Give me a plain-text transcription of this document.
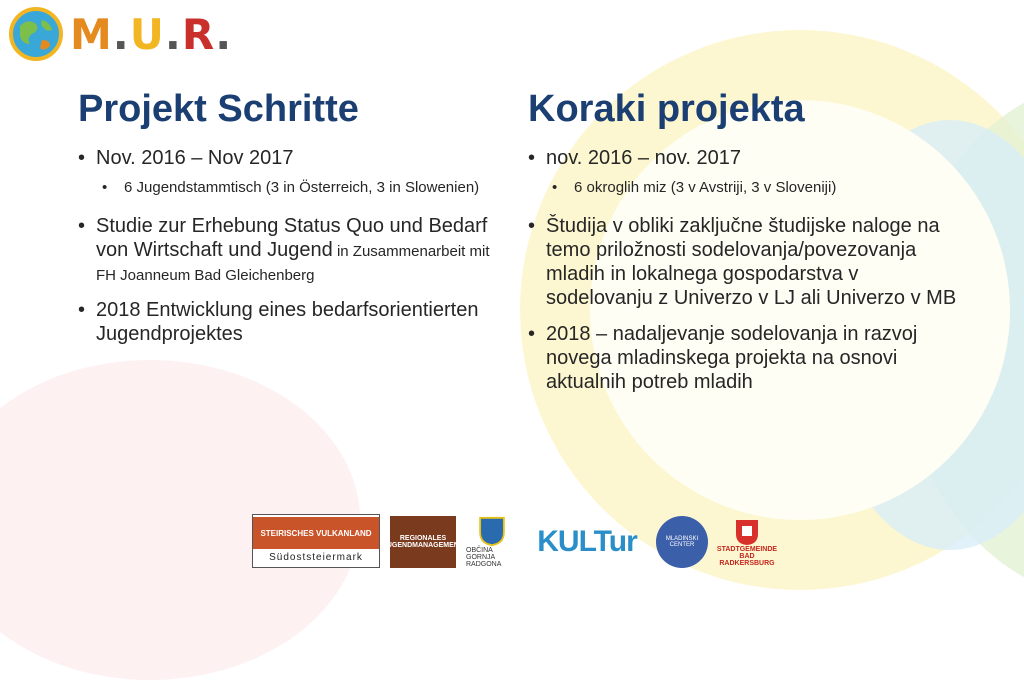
M.U.R.
Projekt Schritte
• Nov. 2016 – Nov 2017
• 6 Jugendstammtisch (3 in Österreich, 3 in Slowenien)
• Studie zur Erhebung Status Quo und Bedarf von Wirtschaft und Jugend in Zusammenarbeit mit FH Joanneum Bad Gleichenberg
• 2018 Entwicklung eines bedarfsorientierten Jugendprojektes
Koraki projekta
• nov. 2016 – nov. 2017
• 6 okroglih miz (3 v Avstriji, 3 v Sloveniji)
• Študija v obliki zaključne študijske naloge na temo priložnosti sodelovanja/povezovanja mladih in lokalnega gospodarstva v sodelovanju z Univerzo v LJ ali Univerzo v MB
• 2018 – nadaljevanje sodelovanja in razvoj novega mladinskega projekta na osnovi aktualnih potreb mladih
STEIRISCHES VULKANLAND
Südoststeiermark
REGIONALES JUGENDMANAGEMENT
OBČINA GORNJA RADGONA
KULTur	MLADINSKI CENTER
STADTGEMEINDE BAD RADKERSBURG
